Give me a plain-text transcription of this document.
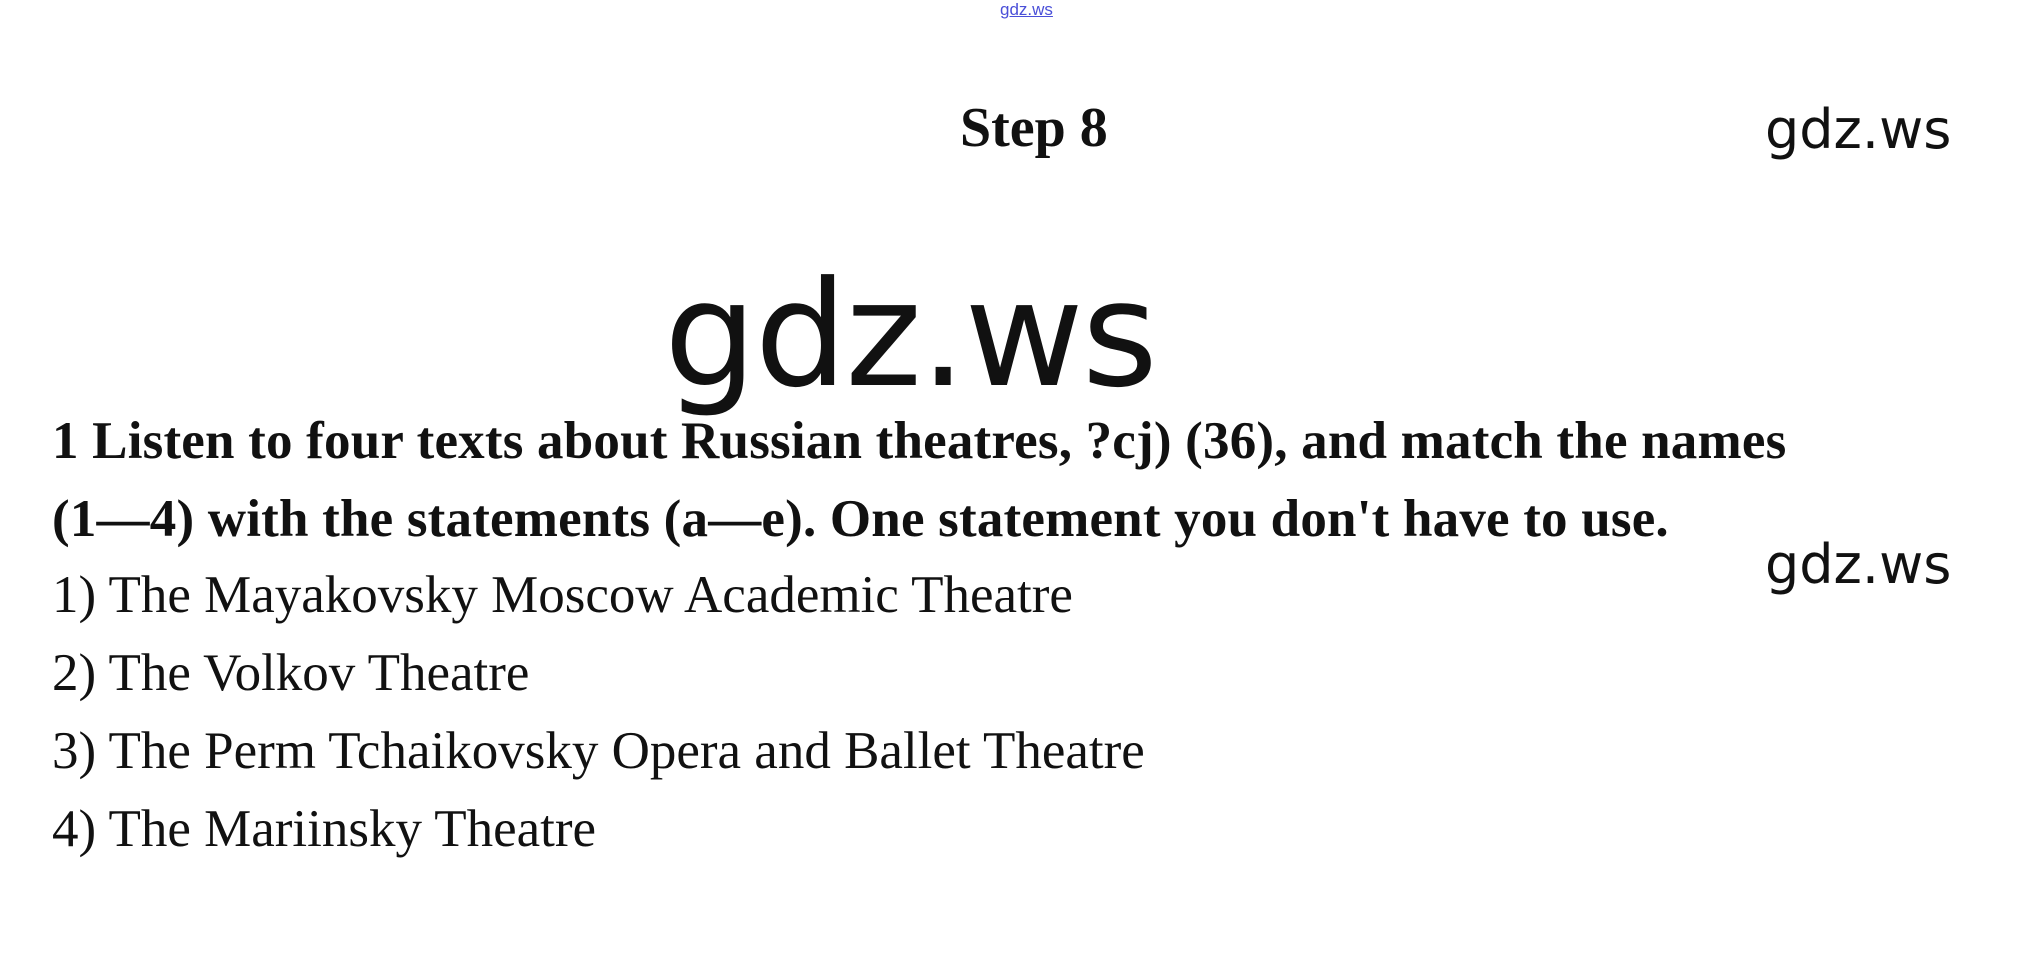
gdz.ws
Step 8	gdz.ws
gdz.ws
1 Listen to four texts about Russian theatres, ?cj) (36), and match the names
(1—4) with the statements (a—e). One statement you don't have to use.
gdz.ws
1) The Mayakovsky Moscow Academic Theatre
2) The Volkov Theatre
3) The Perm Tchaikovsky Opera and Ballet Theatre
4) The Mariinsky Theatre
